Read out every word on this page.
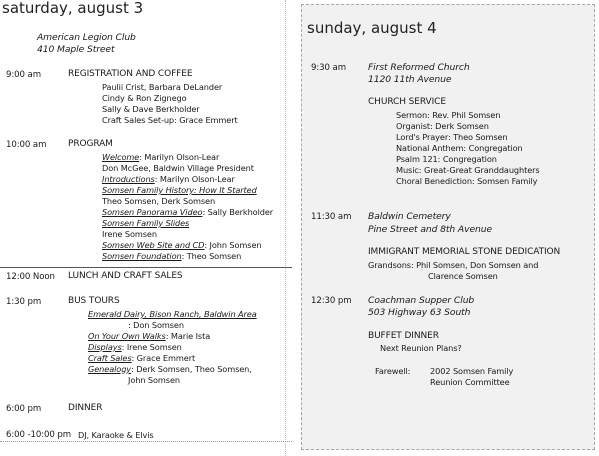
saturday, august 3
American Legion Club
410 Maple Street
9:00 am	REGISTRATION AND COFFEE
Paulii Crist, Barbara DeLander
Cindy & Ron Zignego
Sally & Dave Berkholder
Craft Sales Set-up: Grace Emmert
10:00 am PROGRAM
Welcome: Marilyn Olson-Lear
Don McGee, Baldwin Village President
Introductions: Marilyn Olson-Lear
Somsen Family History: How It Started
Theo Somsen, Derk Somsen
Somsen Panorama Video: Sally Berkholder
Somsen Family Slides
Irene Somsen
Somsen Web Site and CD: John Somsen
Somsen Foundation: Theo Somsen
12:00 Noon LUNCH AND CRAFT SALES
1:30 pm	BUS TOURS
Emerald Dairy, Bison Ranch, Baldwin Area
: Don Somsen
On Your Own Walks: Marie Ista
Displays: Irene Somsen
Craft Sales: Grace Emmert
Genealogy: Derk Somsen, Theo Somsen,
John Somsen
6:00 pm	DINNER
6:00 -10:00 pm DJ, Karaoke & Elvis
sunday, august 4
9:30 am First Reformed Church
1120 11th Avenue
CHURCH SERVICE
Sermon: Rev. Phil Somsen
Organist: Derk Somsen
Lord's Prayer: Theo Somsen
National Anthem: Congregation
Psalm 121: Congregation
Music: Great-Great Granddaughters
Choral Benediction: Somsen Family
11:30 am Baldwin Cemetery
Pine Street and 8th Avenue
IMMIGRANT MEMORIAL STONE DEDICATION
Grandsons: Phil Somsen, Don Somsen and
Clarence Somsen
12:30 pm Coachman Supper Club
503 Highway 63 South
BUFFET DINNER
Next Reunion Plans?
Farewell: 2002 Somsen Family
Reunion Committee
